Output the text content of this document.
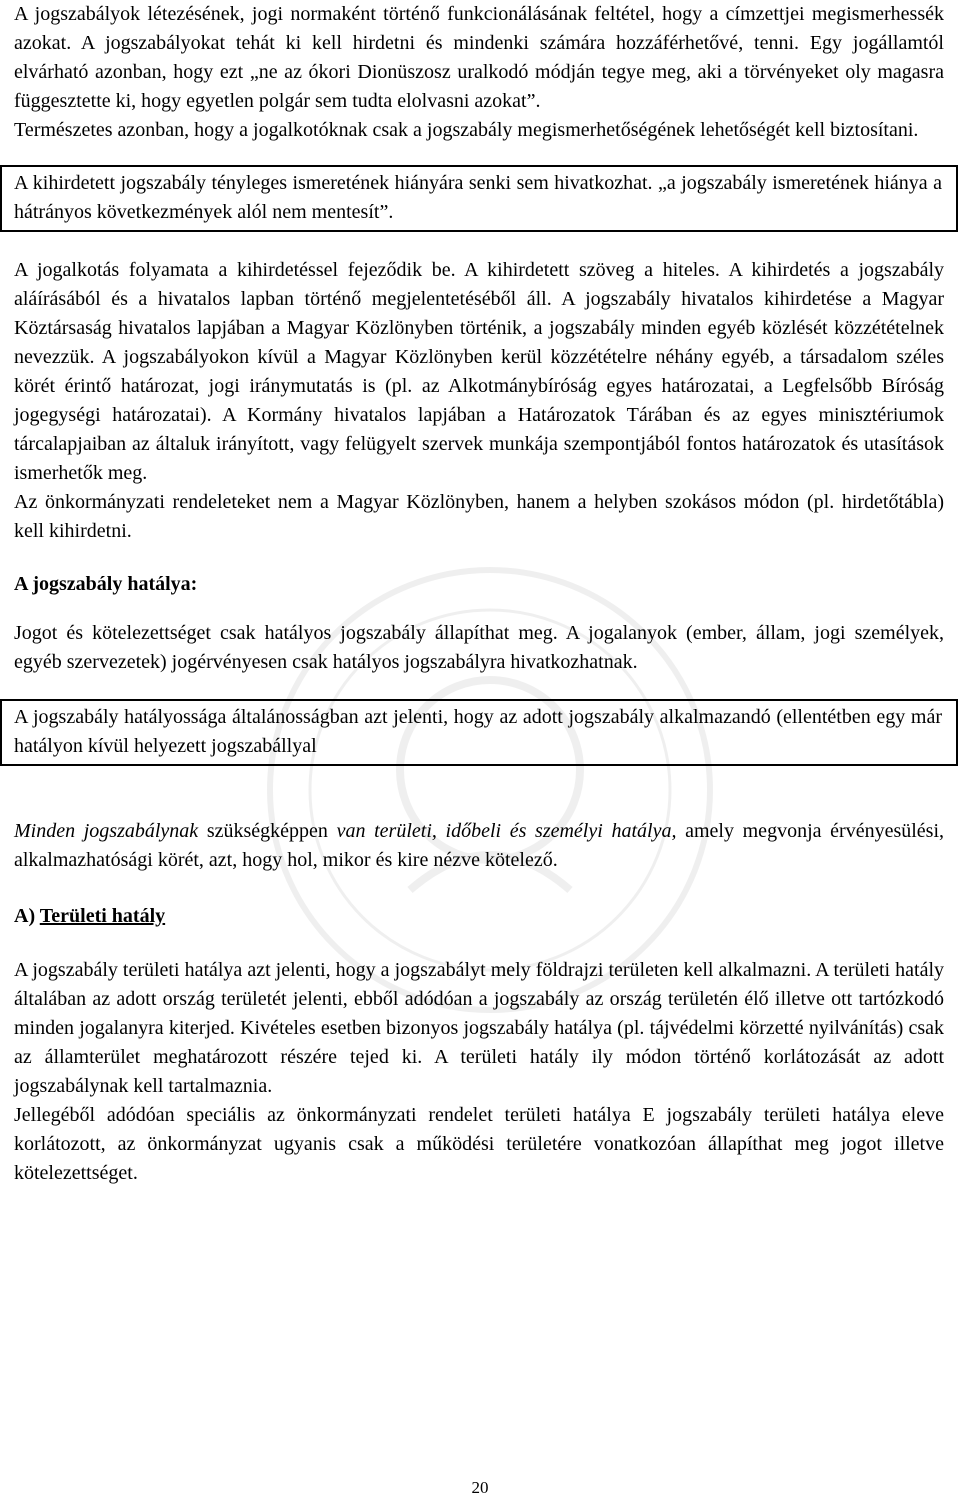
A jogszabályok létezésének, jogi normaként történő funkcionálásának feltétel, hogy a címzettjei megismerhessék azokat. A jogszabályokat tehát ki kell hirdetni és mindenki számára hozzáférhetővé, tenni. Egy jogállamtól elvárható azonban, hogy ezt „ne az ókori Dionüszosz uralkodó módján tegye meg, aki a törvényeket oly magasra függesztette ki, hogy egyetlen polgár sem tudta elolvasni azokat”.

Természetes azonban, hogy a jogalkotóknak csak a jogszabály megismerhetőségének lehetőségét kell biztosítani.

A kihirdetett jogszabály tényleges ismeretének hiányára senki sem hivatkozhat. „a jogszabály ismeretének hiánya a hátrányos következmények alól nem mentesít”.

A jogalkotás folyamata a kihirdetéssel fejeződik be. A kihirdetett szöveg a hiteles. A kihirdetés a jogszabály aláírásából és a hivatalos lapban történő megjelentetéséből áll. A jogszabály hivatalos kihirdetése a Magyar Köztársaság hivatalos lapjában a Magyar Közlönyben történik, a jogszabály minden egyéb közlését közzétételnek nevezzük. A jogszabályokon kívül a Magyar Közlönyben kerül közzétételre néhány egyéb, a társadalom széles körét érintő határozat, jogi iránymutatás is (pl. az Alkotmánybíróság egyes határozatai, a Legfelsőbb Bíróság jogegységi határozatai). A Kormány hivatalos lapjában a Határozatok Tárában és az egyes minisztériumok tárcalapjaiban az általuk irányított, vagy felügyelt szervek munkája szempontjából fontos határozatok és utasítások ismerhetők meg.

Az önkormányzati rendeleteket nem a Magyar Közlönyben, hanem a helyben szokásos módon (pl. hirdetőtábla) kell kihirdetni.

A jogszabály hatálya:

Jogot és kötelezettséget csak hatályos jogszabály állapíthat meg. A jogalanyok (ember, állam, jogi személyek, egyéb szervezetek) jogérvényesen csak hatályos jogszabályra hivatkozhatnak.

A jogszabály hatályossága általánosságban azt jelenti, hogy az adott jogszabály alkalmazandó (ellentétben egy már hatályon kívül helyezett jogszabállyal

Minden jogszabálynak szükségképpen van területi, időbeli és személyi hatálya, amely megvonja érvényesülési, alkalmazhatósági körét, azt, hogy hol, mikor és kire nézve kötelező.

A) Területi hatály

A jogszabály területi hatálya azt jelenti, hogy a jogszabályt mely földrajzi területen kell alkalmazni. A területi hatály általában az adott ország területét jelenti, ebből adódóan a jogszabály az ország területén élő illetve ott tartózkodó minden jogalanyra kiterjed. Kivételes esetben bizonyos jogszabály hatálya (pl. tájvédelmi körzetté nyilvánítás) csak az államterület meghatározott részére tejed ki. A területi hatály ily módon történő korlátozását az adott jogszabálynak kell tartalmaznia.

Jellegéből adódóan speciális az önkormányzati rendelet területi hatálya E jogszabály területi hatálya eleve korlátozott, az önkormányzat ugyanis csak a működési területére vonatkozóan állapíthat meg jogot illetve kötelezettséget.

20
